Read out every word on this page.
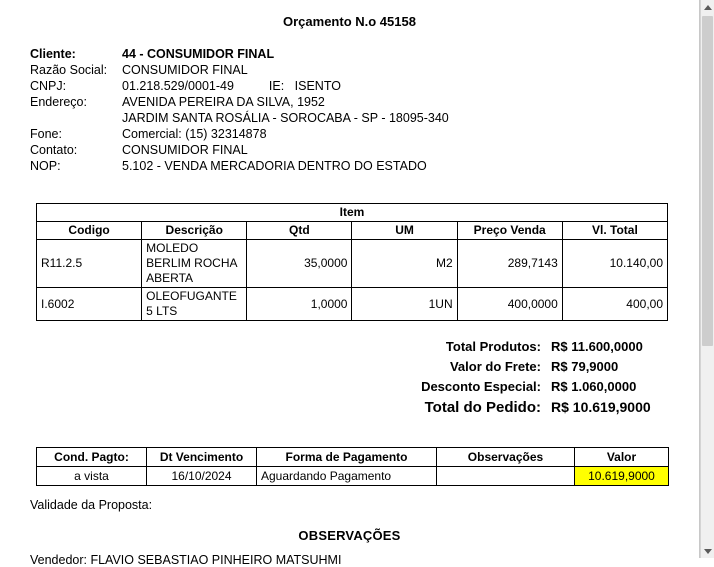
Orçamento N.o 45158
Cliente:	44 - CONSUMIDOR FINAL
Razão Social:	CONSUMIDOR FINAL
CNPJ:	01.218.529/0001-49 IE: ISENTO
Endereço:	AVENIDA PEREIRA DA SILVA, 1952
	JARDIM SANTA ROSÁLIA - SOROCABA - SP - 18095-340
Fone:	Comercial: (15) 32314878
Contato:	CONSUMIDOR FINAL
NOP:	5.102 - VENDA MERCADORIA DENTRO DO ESTADO
Item					
Codigo	Descrição	Qtd	UM	Preço Venda	Vl. Total
R11.2.5	MOLEDO BERLIM ROCHA ABERTA	35,0000	M2	289,7143	10.140,00
I.6002	OLEOFUGANTE 5 LTS	1,0000	1UN	400,0000	400,00
Total Produtos: R$ 11.600,0000
Valor do Frete: R$ 79,9000
Desconto Especial: R$ 1.060,0000
Total do Pedido: R$ 10.619,9000
Cond. Pagto:	Dt Vencimento	Forma de Pagamento	Observações	Valor
a vista	16/10/2024	Aguardando Pagamento		10.619,9000
Validade da Proposta:
OBSERVAÇÕES
Vendedor: FLAVIO SEBASTIAO PINHEIRO MATSUHMI
